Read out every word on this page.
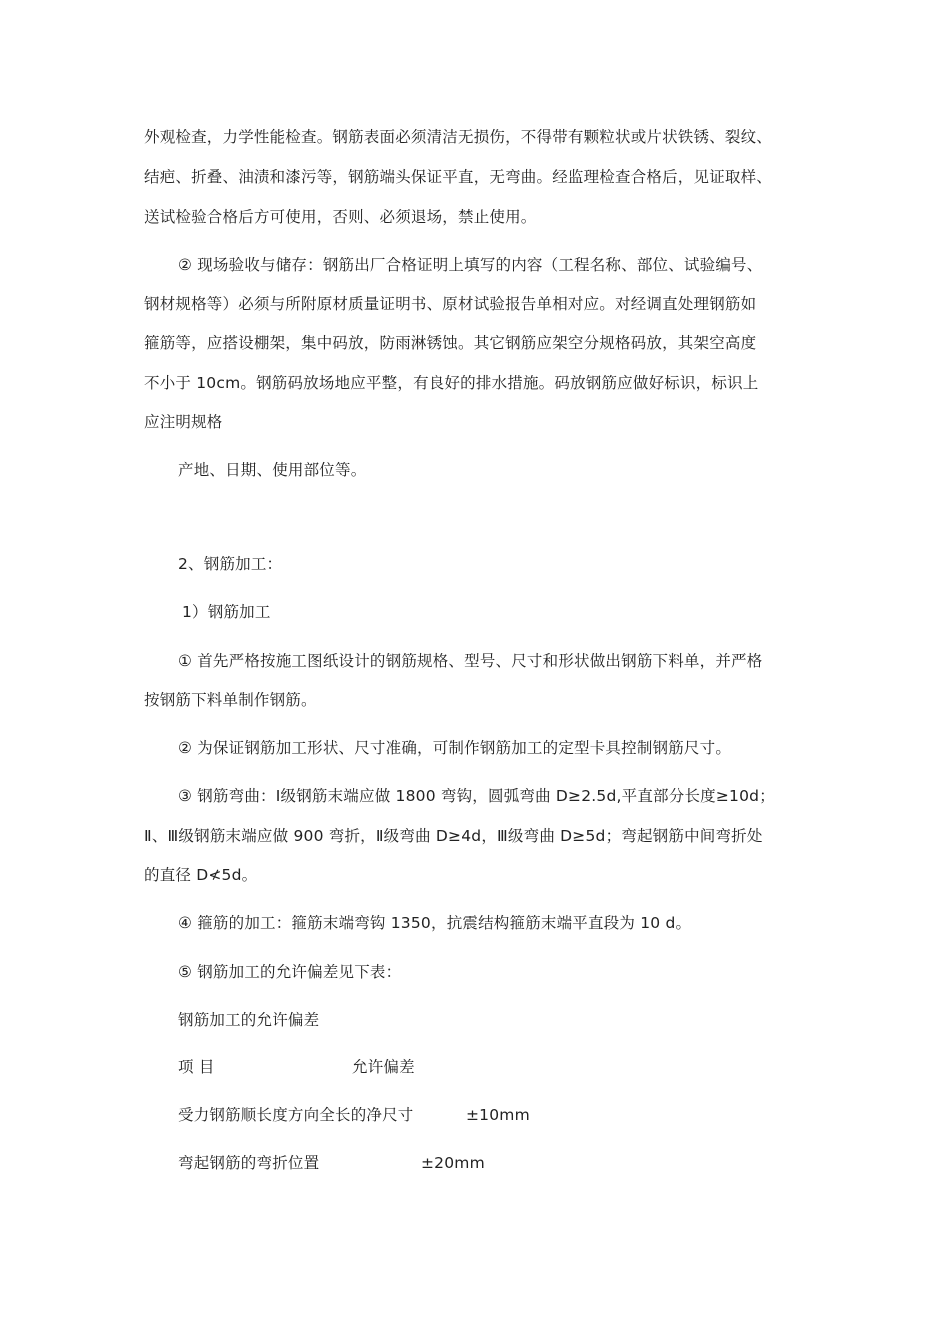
外观检查，力学性能检查。钢筋表面必须清洁无损伤，不得带有颗粒状或片状铁锈、裂纹、
结疤、折叠、油渍和漆污等，钢筋端头保证平直，无弯曲。经监理检查合格后，见证取样、
送试检验合格后方可使用，否则、必须退场，禁止使用。
② 现场验收与储存：钢筋出厂合格证明上填写的内容（工程名称、部位、试验编号、
钢材规格等）必须与所附原材质量证明书、原材试验报告单相对应。对经调直处理钢筋如
箍筋等，应搭设棚架，集中码放，防雨淋锈蚀。其它钢筋应架空分规格码放，其架空高度
不小于 10cm。钢筋码放场地应平整，有良好的排水措施。码放钢筋应做好标识，标识上
应注明规格
产地、日期、使用部位等。
2、钢筋加工：
1）钢筋加工
① 首先严格按施工图纸设计的钢筋规格、型号、尺寸和形状做出钢筋下料单，并严格
按钢筋下料单制作钢筋。
② 为保证钢筋加工形状、尺寸准确，可制作钢筋加工的定型卡具控制钢筋尺寸。
③ 钢筋弯曲：Ⅰ级钢筋末端应做 1800 弯钩，圆弧弯曲 D≥2.5d,平直部分长度≥10d；
Ⅱ、Ⅲ级钢筋末端应做 900 弯折，Ⅱ级弯曲 D≥4d，Ⅲ级弯曲 D≥5d；弯起钢筋中间弯折处
的直径 D≮5d。
④ 箍筋的加工：箍筋末端弯钩 1350，抗震结构箍筋末端平直段为 10 d。
⑤ 钢筋加工的允许偏差见下表：
钢筋加工的允许偏差
项 目	允许偏差
受力钢筋顺长度方向全长的净尺寸	±10mm
弯起钢筋的弯折位置	±20mm
